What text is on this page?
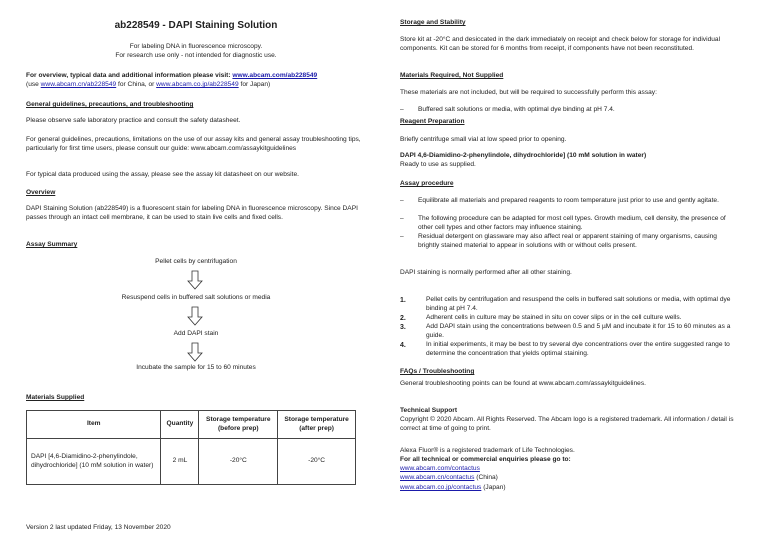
ab228549 - DAPI Staining Solution
For labeling DNA in fluorescence microscopy.
For research use only - not intended for diagnostic use.
For overview, typical data and additional information please visit: www.abcam.com/ab228549
(use www.abcam.cn/ab228549 for China, or www.abcam.co.jp/ab228549 for Japan)
General guidelines, precautions, and troubleshooting
Please observe safe laboratory practice and consult the safety datasheet.
For general guidelines, precautions, limitations on the use of our assay kits and general assay troubleshooting tips, particularly for first time users, please consult our guide: www.abcam.com/assaykitguidelines
For typical data produced using the assay, please see the assay kit datasheet on our website.
Overview
DAPI Staining Solution (ab228549) is a fluorescent stain for labeling DNA in fluorescence microscopy. Since DAPI passes through an intact cell membrane, it can be used to stain live cells and fixed cells.
Assay Summary
Pellet cells by centrifugation
Resuspend cells in buffered salt solutions or media
Add DAPI stain
Incubate the sample for 15 to 60 minutes
Materials Supplied
Item	Quantity	Storage temperature (before prep)	Storage temperature (after prep)
DAPI [4,6-Diamidino-2-phenylindole, dihydrochloride] (10 mM solution in water)	2 mL	-20°C	-20°C
Version 2 last updated Friday, 13 November 2020
Storage and Stability
Store kit at -20°C and desiccated in the dark immediately on receipt and check below for storage for individual components. Kit can be stored for 6 months from receipt, if components have not been reconstituted.
Materials Required, Not Supplied
These materials are not included, but will be required to successfully perform this assay:
– Buffered salt solutions or media, with optimal dye binding at pH 7.4.
Reagent Preparation
Briefly centrifuge small vial at low speed prior to opening.
DAPI 4,6-Diamidino-2-phenylindole, dihydrochloride] (10 mM solution in water)
Ready to use as supplied.
Assay procedure
– Equilibrate all materials and prepared reagents to room temperature just prior to use and gently agitate.
– The following procedure can be adapted for most cell types. Growth medium, cell density, the presence of other cell types and other factors may influence staining.
– Residual detergent on glassware may also affect real or apparent staining of many organisms, causing brightly stained material to appear in solutions with or without cells present.
DAPI staining is normally performed after all other staining.
1.	Pellet cells by centrifugation and resuspend the cells in buffered salt solutions or media, with optimal dye binding at pH 7.4.
2.	Adherent cells in culture may be stained in situ on cover slips or in the cell culture wells.
3.	Add DAPI stain using the concentrations between 0.5 and 5 µM and incubate it for 15 to 60 minutes as a guide.
4.	In initial experiments, it may be best to try several dye concentrations over the entire suggested range to determine the concentration that yields optimal staining.
FAQs / Troubleshooting
General troubleshooting points can be found at www.abcam.com/assaykitguidelines.
Technical Support
Copyright © 2020 Abcam. All Rights Reserved. The Abcam logo is a registered trademark. All information / detail is correct at time of going to print.
Alexa Fluor® is a registered trademark of Life Technologies.
For all technical or commercial enquiries please go to:
www.abcam.com/contactus
www.abcam.cn/contactus (China)
www.abcam.co.jp/contactus (Japan)
